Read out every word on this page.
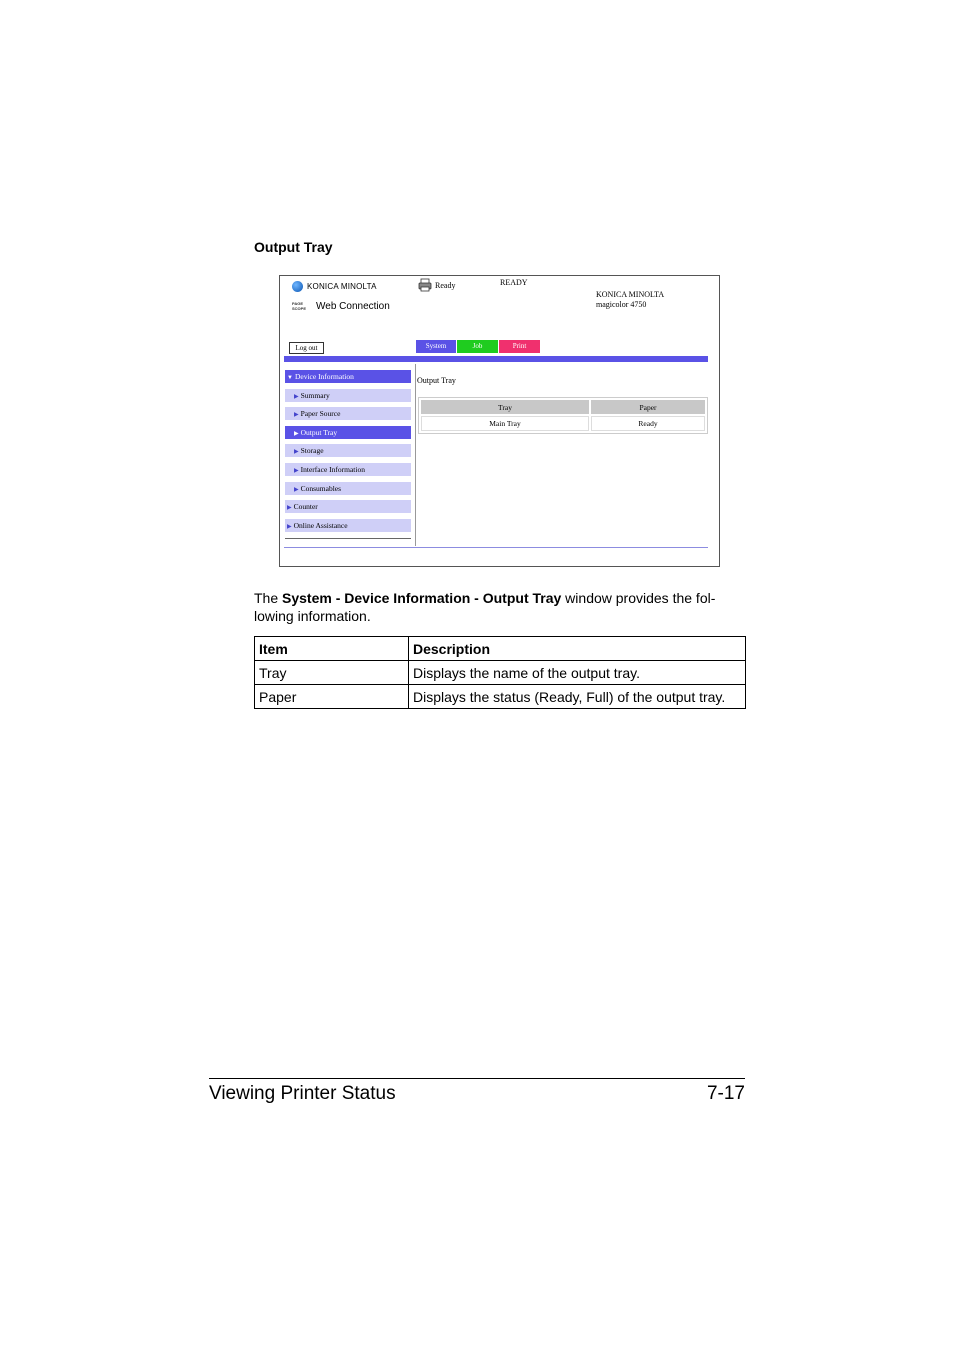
Output Tray
KONICA MINOLTA
PAGE SCOPE Web Connection
Ready	READY
KONICA MINOLTA
magicolor 4750
Log out	System	Job	Print
▼ Device Information
▶ Summary
▶ Paper Source
▶ Output Tray
▶ Storage
▶ Interface Information
▶ Consumables
▶ Counter
▶ Online Assistance
Output Tray
Tray	Paper
Main Tray	Ready
The System - Device Information - Output Tray window provides the fol-
lowing information.
Item	Description
Tray	Displays the name of the output tray.
Paper	Displays the status (Ready, Full) of the output tray.
Viewing Printer Status	7-17
